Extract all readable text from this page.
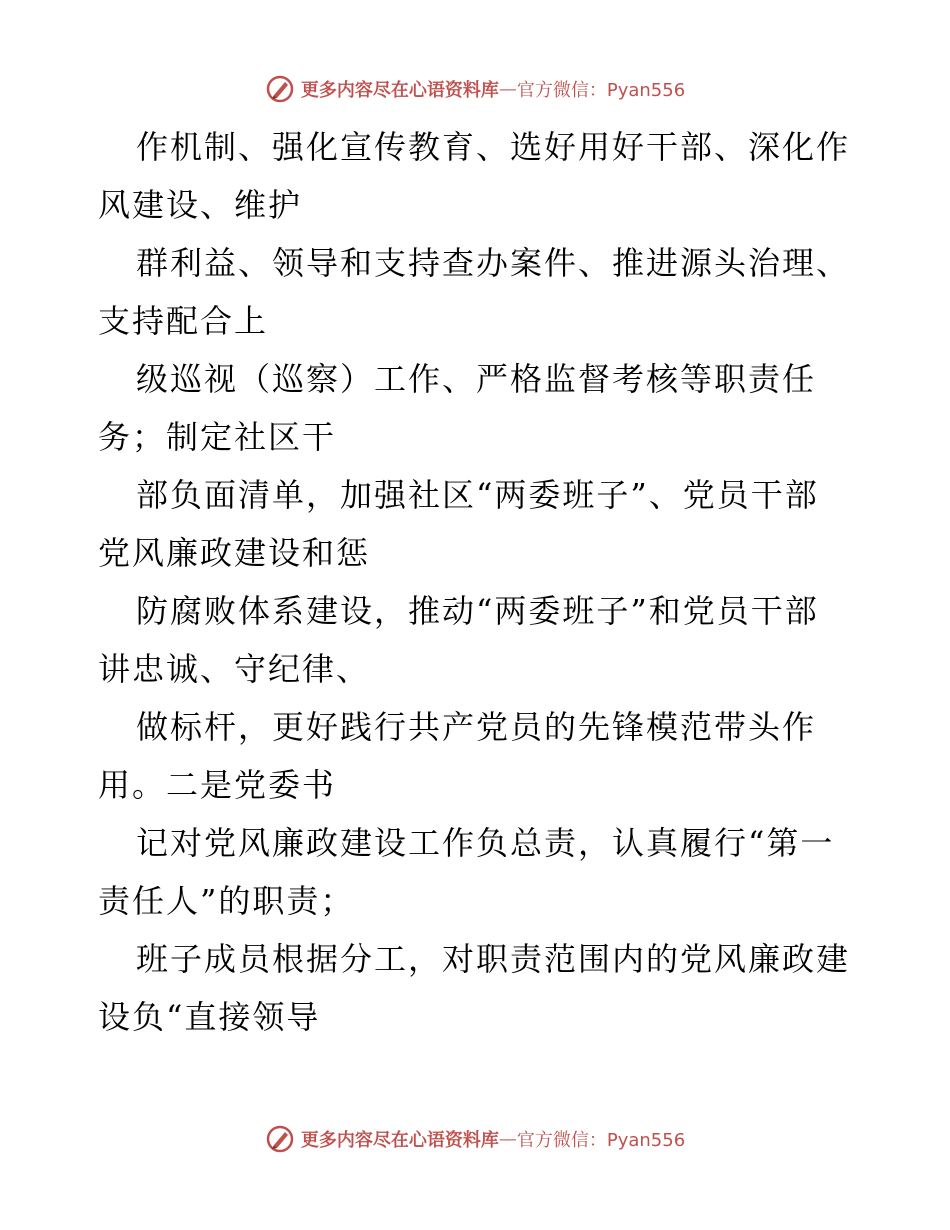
更多内容尽在心语资料库 — 官方微信：Pyan556
作机制、强化宣传教育、选好用好干部、深化作
风建设、维护
群利益、领导和支持查办案件、推进源头治理、
支持配合上
级巡视（巡察）工作、严格监督考核等职责任
务；制定社区干
部负面清单，加强社区“两委班子”、党员干部
党风廉政建设和惩
防腐败体系建设，推动“两委班子”和党员干部
讲忠诚、守纪律、
做标杆，更好践行共产党员的先锋模范带头作
用。二是党委书
记对党风廉政建设工作负总责，认真履行“第一
责任人”的职责；
班子成员根据分工，对职责范围内的党风廉政建
设负“直接领导
更多内容尽在心语资料库 — 官方微信：Pyan556
